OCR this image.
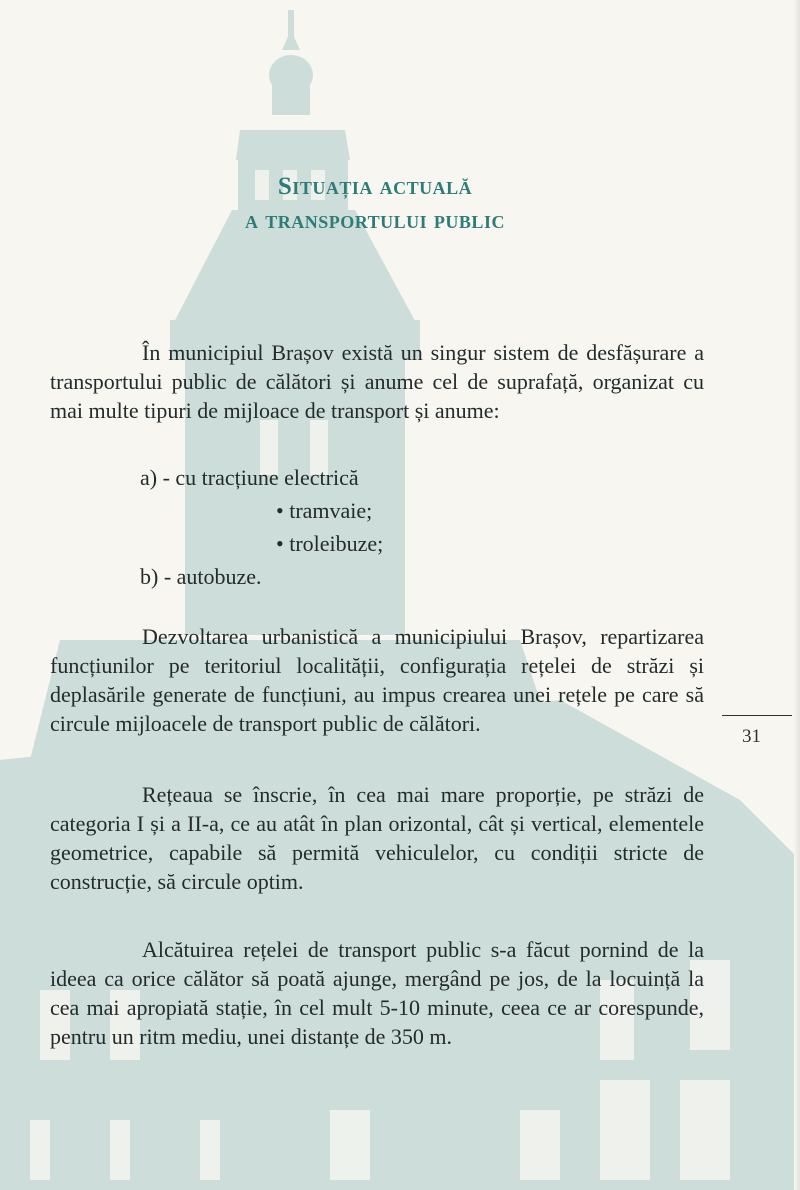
Situația actuală
a transportului public

În municipiul Brașov există un singur sistem de desfășurare a transportului public de călători și anume cel de suprafață, organizat cu mai multe tipuri de mijloace de transport și anume:

a) - cu tracțiune electrică
• tramvaie;
• troleibuze;
b) - autobuze.

Dezvoltarea urbanistică a municipiului Brașov, repartizarea funcțiunilor pe teritoriul localității, configurația rețelei de străzi și deplasările generate de funcțiuni, au impus crearea unei rețele pe care să circule mijloacele de transport public de călători.

Rețeaua se înscrie, în cea mai mare proporție, pe străzi de categoria I și a II-a, ce au atât în plan orizontal, cât și vertical, elementele geometrice, capabile să permită vehiculelor, cu condiții stricte de construcție, să circule optim.

Alcătuirea rețelei de transport public s-a făcut pornind de la ideea ca orice călător să poată ajunge, mergând pe jos, de la locuință la cea mai apropiată stație, în cel mult 5-10 minute, ceea ce ar corespunde, pentru un ritm mediu, unei distanțe de 350 m.

31
